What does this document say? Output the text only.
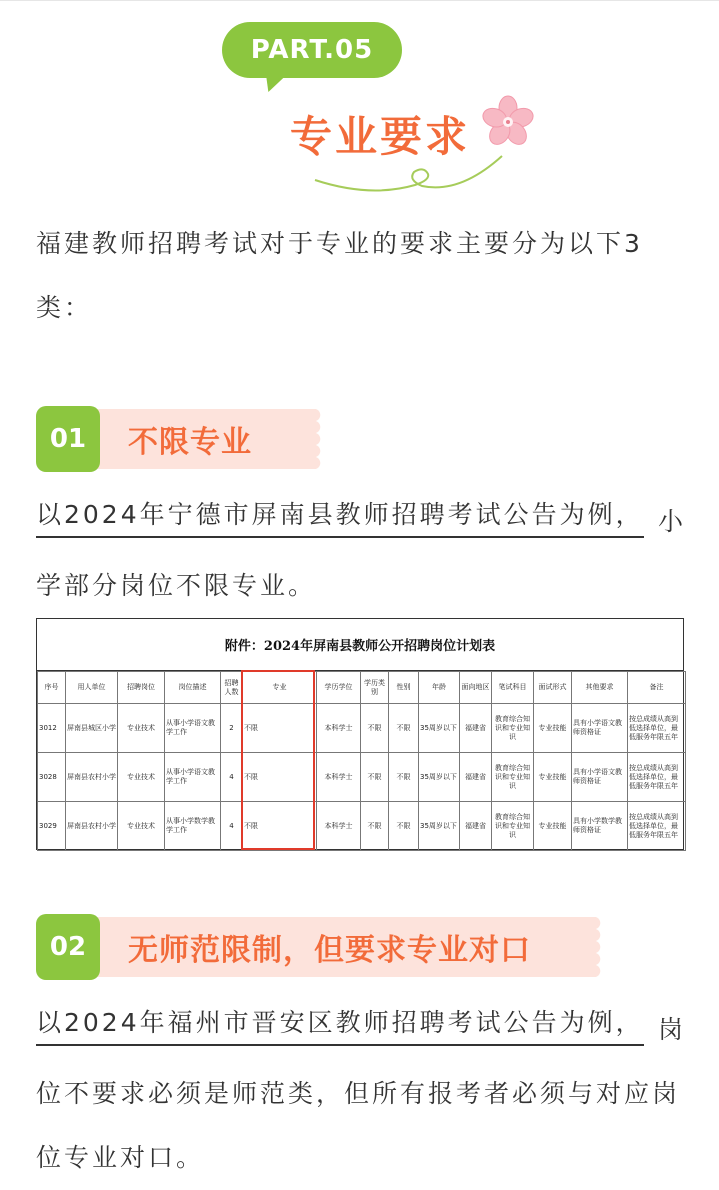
PART.05
专业要求
福建教师招聘考试对于专业的要求主要分为以下3
类：
01	不限专业
以2024年宁德市屏南县教师招聘考试公告为例， 小
学部分岗位不限专业。
附件：2024年屏南县教师公开招聘岗位计划表
序号	用人单位	招聘岗位	岗位描述	招聘人数	专业	学历学位	学历类别	性别	年龄	面向地区	笔试科目	面试形式	其他要求	备注
3012	屏南县城区小学	专业技术	从事小学语文教学工作	2	不限	本科学士	不限	不限	35周岁以下	福建省	教育综合知识和专业知识	专业技能	具有小学语文教师资格证	按总成绩从高到低选择单位，最低服务年限五年
3028	屏南县农村小学	专业技术	从事小学语文教学工作	4	不限	本科学士	不限	不限	35周岁以下	福建省	教育综合知识和专业知识	专业技能	具有小学语文教师资格证	按总成绩从高到低选择单位，最低服务年限五年
3029	屏南县农村小学	专业技术	从事小学数学教学工作	4	不限	本科学士	不限	不限	35周岁以下	福建省	教育综合知识和专业知识	专业技能	具有小学数学教师资格证	按总成绩从高到低选择单位，最低服务年限五年
02	无师范限制，但要求专业对口
以2024年福州市晋安区教师招聘考试公告为例， 岗
位不要求必须是师范类，但所有报考者必须与对应岗
位专业对口。
